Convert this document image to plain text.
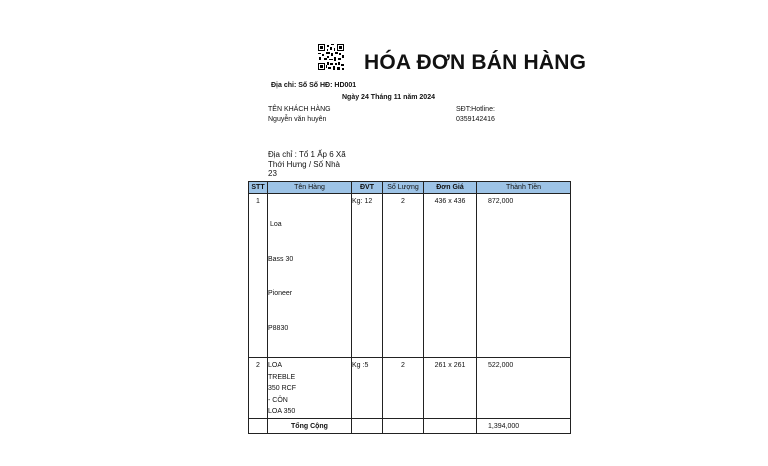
HÓA ĐƠN BÁN HÀNG
Địa chỉ: Số Số HĐ: HD001
Ngày 24 Tháng 11 năm 2024
TÊN KHÁCH HÀNG
Nguyễn văn huyên
SĐT:Hotline:
0359142416
Địa chỉ : Tổ 1 Ấp 6 Xã
Thới Hưng / Số Nhà
23
STT	Tên Hàng	ĐVT	Số Lượng	Đơn Giá	Thành Tiền
1	Loa

Bass 30

Pioneer

P8830	Kg: 12	2	436 x 436	872,000
2	LOA
TREBLE
350 RCF
- CÔN
LOA 350	Kg :5	2	261 x 261	522,000
	Tổng Cộng				1,394,000
